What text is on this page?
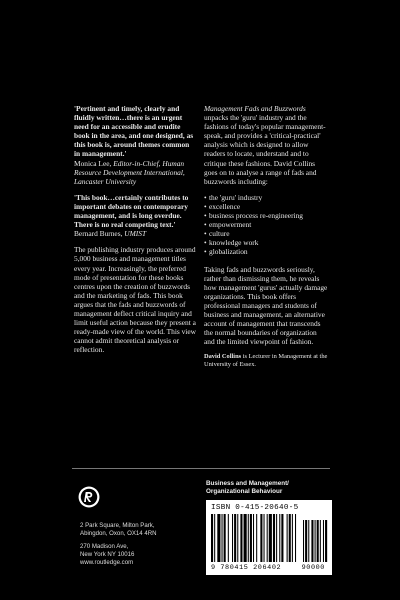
'Pertinent and timely, clearly and fluidly written…there is an urgent need for an accessible and erudite book in the area, and one designed, as this book is, around themes common in management.'
Monica Lee, Editor-in-Chief, Human Resource Development International, Lancaster University

'This book…certainly contributes to important debates on contemporary management, and is long overdue. There is no real competing text.'
Bernard Burnes, UMIST

The publishing industry produces around 5,000 business and management titles every year. Increasingly, the preferred mode of presentation for these books centres upon the creation of buzzwords and the marketing of fads. This book argues that the fads and buzzwords of management deflect critical inquiry and limit useful action because they present a ready-made view of the world. This view cannot admit theoretical analysis or reflection.

Management Fads and Buzzwords unpacks the 'guru' industry and the fashions of today's popular management-speak, and provides a 'critical-practical' analysis which is designed to allow readers to locate, understand and to critique these fashions. David Collins goes on to analyse a range of fads and buzzwords including:

• the 'guru' industry
• excellence
• business process re-engineering
• empowerment
• culture
• knowledge work
• globalization

Taking fads and buzzwords seriously, rather than dismissing them, he reveals how management 'gurus' actually damage organizations. This book offers professional managers and students of business and management, an alternative account of management that transcends the normal boundaries of organization and the limited viewpoint of fashion.

David Collins is Lecturer in Management at the University of Essex.

2 Park Square, Milton Park,
Abingdon, Oxon, OX14 4RN

270 Madison Ave,
New York NY 10016
www.routledge.com

Business and Management/
Organizational Behaviour
ISBN 0-415-20640-5
9 780415 206402	90000
